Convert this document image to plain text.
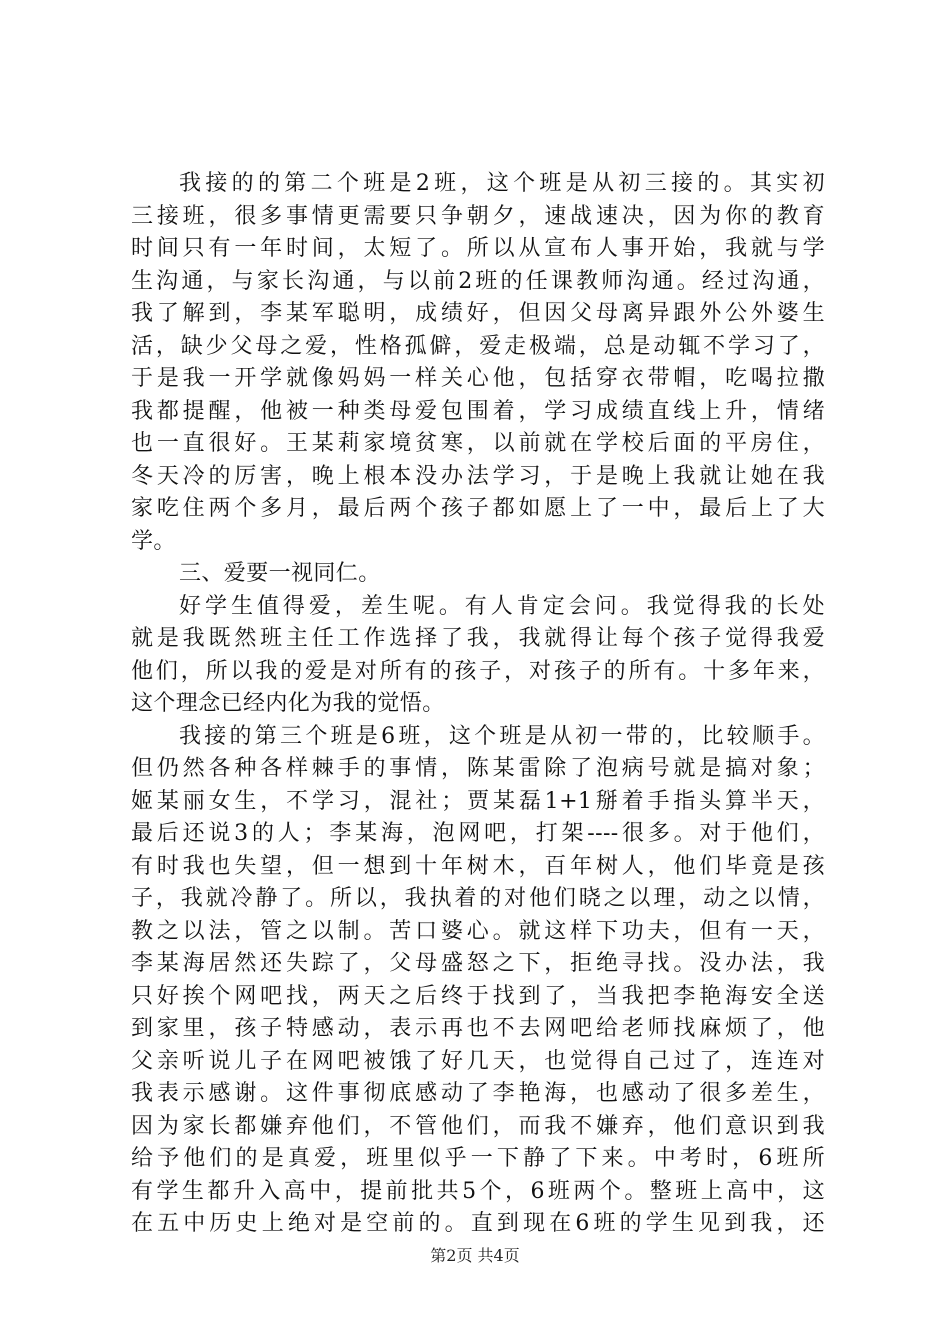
我接的的第二个班是2班，这个班是从初三接的。其实初
三接班，很多事情更需要只争朝夕，速战速决，因为你的教育
时间只有一年时间，太短了。所以从宣布人事开始，我就与学
生沟通，与家长沟通，与以前2班的任课教师沟通。经过沟通，
我了解到，李某军聪明，成绩好，但因父母离异跟外公外婆生
活，缺少父母之爱，性格孤僻，爱走极端，总是动辄不学习了，
于是我一开学就像妈妈一样关心他，包括穿衣带帽，吃喝拉撒
我都提醒，他被一种类母爱包围着，学习成绩直线上升，情绪
也一直很好。王某莉家境贫寒，以前就在学校后面的平房住，
冬天冷的厉害，晚上根本没办法学习，于是晚上我就让她在我
家吃住两个多月，最后两个孩子都如愿上了一中，最后上了大
学。
三、爱要一视同仁。
好学生值得爱，差生呢。有人肯定会问。我觉得我的长处
就是我既然班主任工作选择了我，我就得让每个孩子觉得我爱
他们，所以我的爱是对所有的孩子，对孩子的所有。十多年来，
这个理念已经内化为我的觉悟。
我接的第三个班是6班，这个班是从初一带的，比较顺手。
但仍然各种各样棘手的事情，陈某雷除了泡病号就是搞对象；
姬某丽女生，不学习，混社；贾某磊1+1掰着手指头算半天，
最后还说3的人；李某海，泡网吧，打架----很多。对于他们，
有时我也失望，但一想到十年树木，百年树人，他们毕竟是孩
子，我就冷静了。所以，我执着的对他们晓之以理，动之以情，
教之以法，管之以制。苦口婆心。就这样下功夫，但有一天，
李某海居然还失踪了，父母盛怒之下，拒绝寻找。没办法，我
只好挨个网吧找，两天之后终于找到了，当我把李艳海安全送
到家里，孩子特感动，表示再也不去网吧给老师找麻烦了，他
父亲听说儿子在网吧被饿了好几天，也觉得自己过了，连连对
我表示感谢。这件事彻底感动了李艳海，也感动了很多差生，
因为家长都嫌弃他们，不管他们，而我不嫌弃，他们意识到我
给予他们的是真爱，班里似乎一下静了下来。中考时，6班所
有学生都升入高中，提前批共5个，6班两个。整班上高中，这
在五中历史上绝对是空前的。直到现在6班的学生见到我，还
第2页 共4页
